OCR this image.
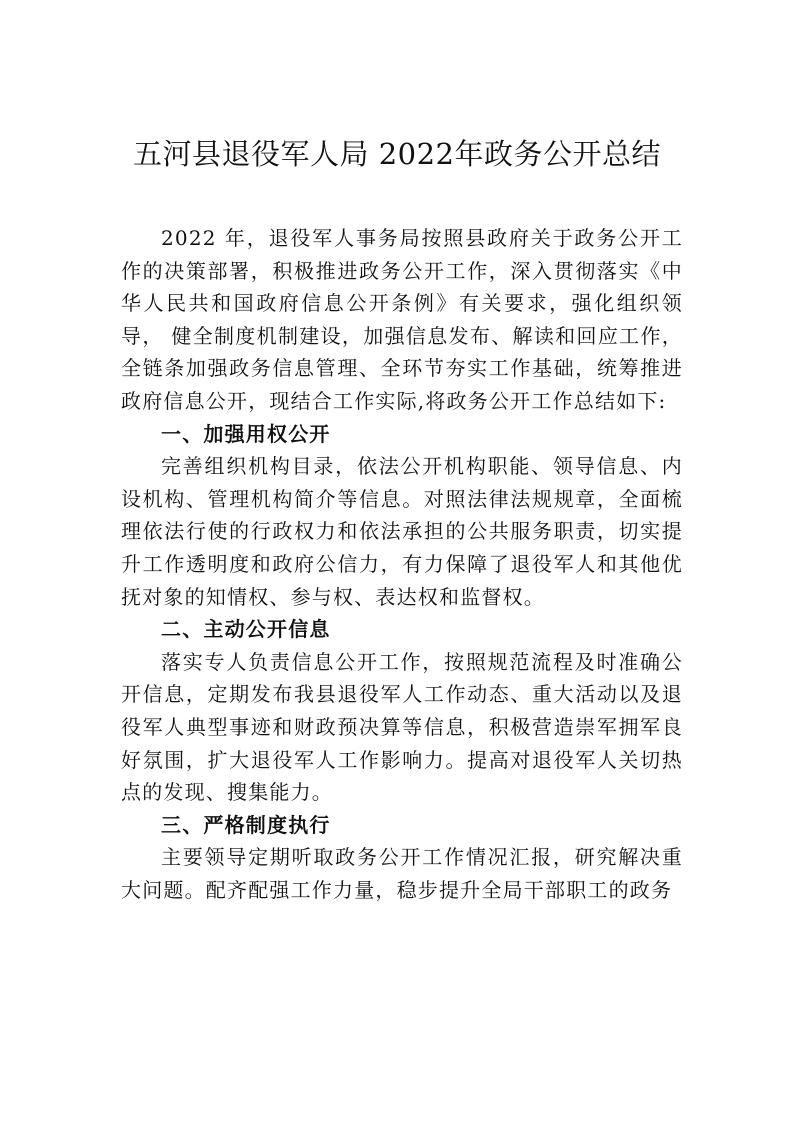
五河县退役军人局 2022年政务公开总结

2022 年，退役军人事务局按照县政府关于政务公开工作的决策部署，积极推进政务公开工作，深入贯彻落实《中华人民共和国政府信息公开条例》有关要求，强化组织领导， 健全制度机制建设，加强信息发布、解读和回应工作，全链条加强政务信息管理、全环节夯实工作基础，统筹推进政府信息公开，现结合工作实际,将政务公开工作总结如下:

一、加强用权公开

完善组织机构目录，依法公开机构职能、领导信息、内设机构、管理机构简介等信息。对照法律法规规章，全面梳理依法行使的行政权力和依法承担的公共服务职责，切实提升工作透明度和政府公信力，有力保障了退役军人和其他优抚对象的知情权、参与权、表达权和监督权。

二、主动公开信息

落实专人负责信息公开工作，按照规范流程及时准确公开信息，定期发布我县退役军人工作动态、重大活动以及退役军人典型事迹和财政预决算等信息，积极营造崇军拥军良好氛围，扩大退役军人工作影响力。提高对退役军人关切热点的发现、搜集能力。

三、严格制度执行

主要领导定期听取政务公开工作情况汇报，研究解决重大问题。配齐配强工作力量，稳步提升全局干部职工的政务
